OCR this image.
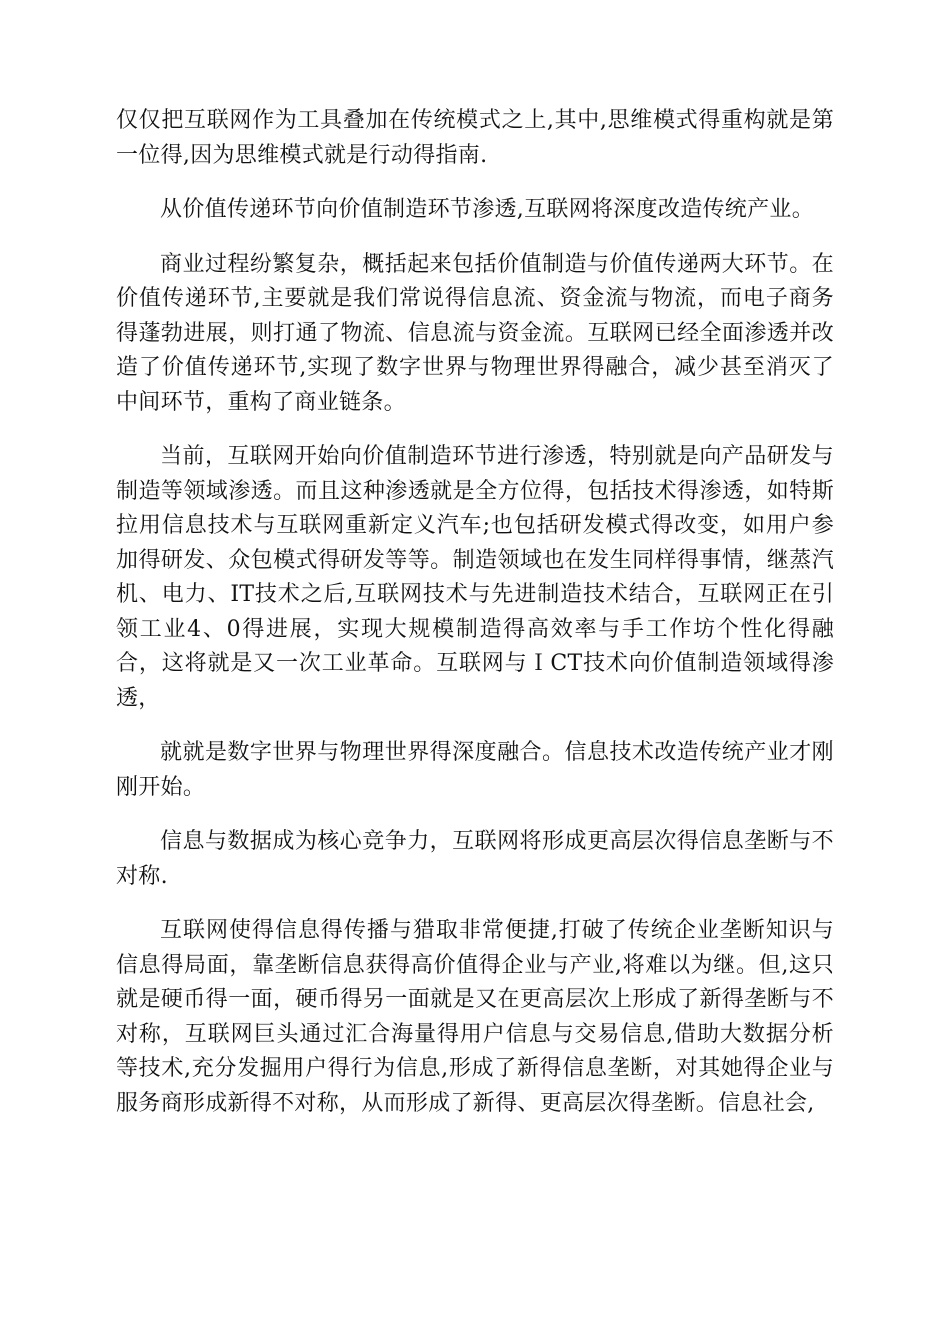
仅仅把互联网作为工具叠加在传统模式之上,其中,思维模式得重构就是第一位得,因为思维模式就是行动得指南.

从价值传递环节向价值制造环节渗透,互联网将深度改造传统产业。

商业过程纷繁复杂，概括起来包括价值制造与价值传递两大环节。在价值传递环节,主要就是我们常说得信息流、资金流与物流，而电子商务得蓬勃进展，则打通了物流、信息流与资金流。互联网已经全面渗透并改造了价值传递环节,实现了数字世界与物理世界得融合，减少甚至消灭了中间环节，重构了商业链条。

当前，互联网开始向价值制造环节进行渗透，特别就是向产品研发与制造等领域渗透。而且这种渗透就是全方位得，包括技术得渗透，如特斯拉用信息技术与互联网重新定义汽车;也包括研发模式得改变，如用户参加得研发、众包模式得研发等等。制造领域也在发生同样得事情，继蒸汽机、电力、IT技术之后,互联网技术与先进制造技术结合，互联网正在引领工业4、0得进展，实现大规模制造得高效率与手工作坊个性化得融合，这将就是又一次工业革命。互联网与ＩCT技术向价值制造领域得渗透，

就就是数字世界与物理世界得深度融合。信息技术改造传统产业才刚刚开始。

信息与数据成为核心竞争力，互联网将形成更高层次得信息垄断与不对称.

互联网使得信息得传播与猎取非常便捷,打破了传统企业垄断知识与信息得局面，靠垄断信息获得高价值得企业与产业,将难以为继。但,这只就是硬币得一面，硬币得另一面就是又在更高层次上形成了新得垄断与不对称，互联网巨头通过汇合海量得用户信息与交易信息,借助大数据分析等技术,充分发掘用户得行为信息,形成了新得信息垄断，对其她得企业与服务商形成新得不对称，从而形成了新得、更高层次得垄断。信息社会,
